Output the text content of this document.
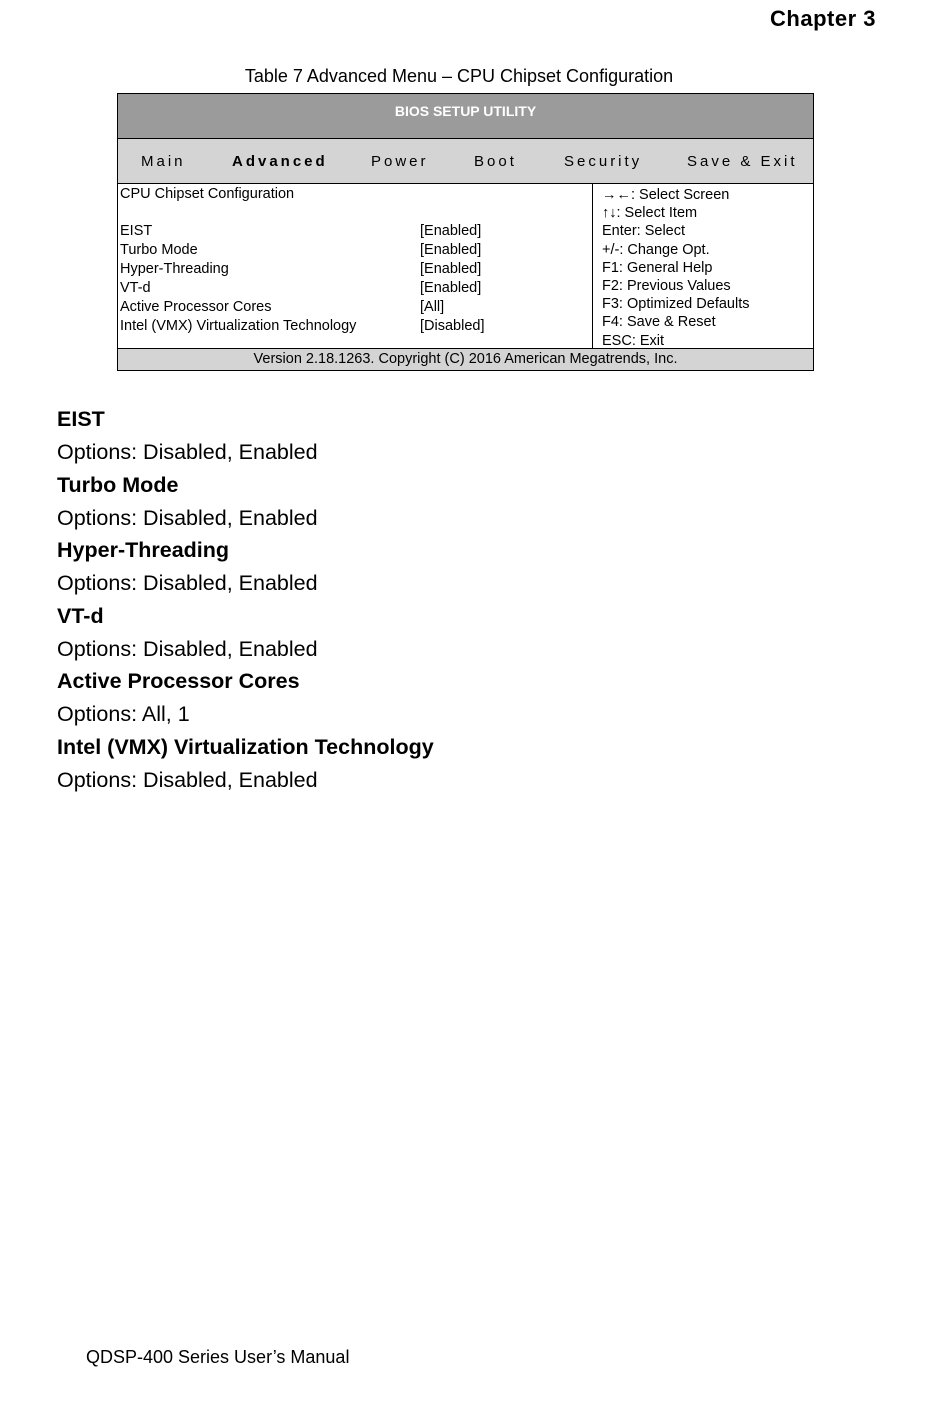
Chapter 3
Table 7 Advanced Menu – CPU Chipset Configuration
BIOS SETUP UTILITY
Main	Advanced	Power	Boot	Security	Save & Exit
CPU Chipset Configuration
EIST	[Enabled]
Turbo Mode	[Enabled]
Hyper-Threading	[Enabled]
VT-d	[Enabled]
Active Processor Cores	[All]
Intel (VMX) Virtualization Technology	[Disabled]
→←: Select Screen
↑↓: Select Item
Enter: Select
+/-: Change Opt.
F1: General Help
F2: Previous Values
F3: Optimized Defaults
F4: Save & Reset
ESC: Exit
Version 2.18.1263. Copyright (C) 2016 American Megatrends, Inc.
EIST
Options: Disabled, Enabled
Turbo Mode
Options: Disabled, Enabled
Hyper-Threading
Options: Disabled, Enabled
VT-d
Options: Disabled, Enabled
Active Processor Cores
Options: All, 1
Intel (VMX) Virtualization Technology
Options: Disabled, Enabled
QDSP-400 Series User’s Manual
